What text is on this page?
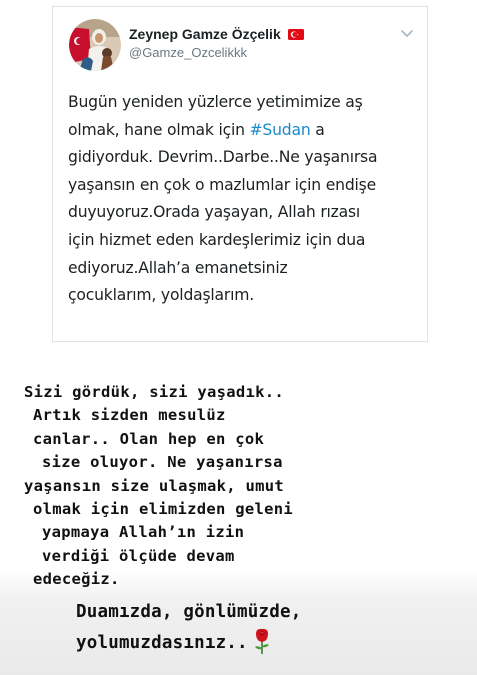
Zeynep Gamze Özçelik
@Gamze_Ozcelikkk
Bugün yeniden yüzlerce yetimimize aş
olmak, hane olmak için #Sudan a
gidiyorduk. Devrim..Darbe..Ne yaşanırsa
yaşansın en çok o mazlumlar için endişe
duyuyoruz.Orada yaşayan, Allah rızası
için hizmet eden kardeşlerimiz için dua
ediyoruz.Allah’a emanetsiniz
çocuklarım, yoldaşlarım.
Sizi gördük, sizi yaşadık..
Artık sizden mesulüz
canlar.. Olan hep en çok
size oluyor. Ne yaşanırsa
yaşansın size ulaşmak, umut
olmak için elimizden geleni
yapmaya Allah’ın izin
verdiği ölçüde devam
edeceğiz.
Duamızda, gönlümüzde,
yolumuzdasınız..
